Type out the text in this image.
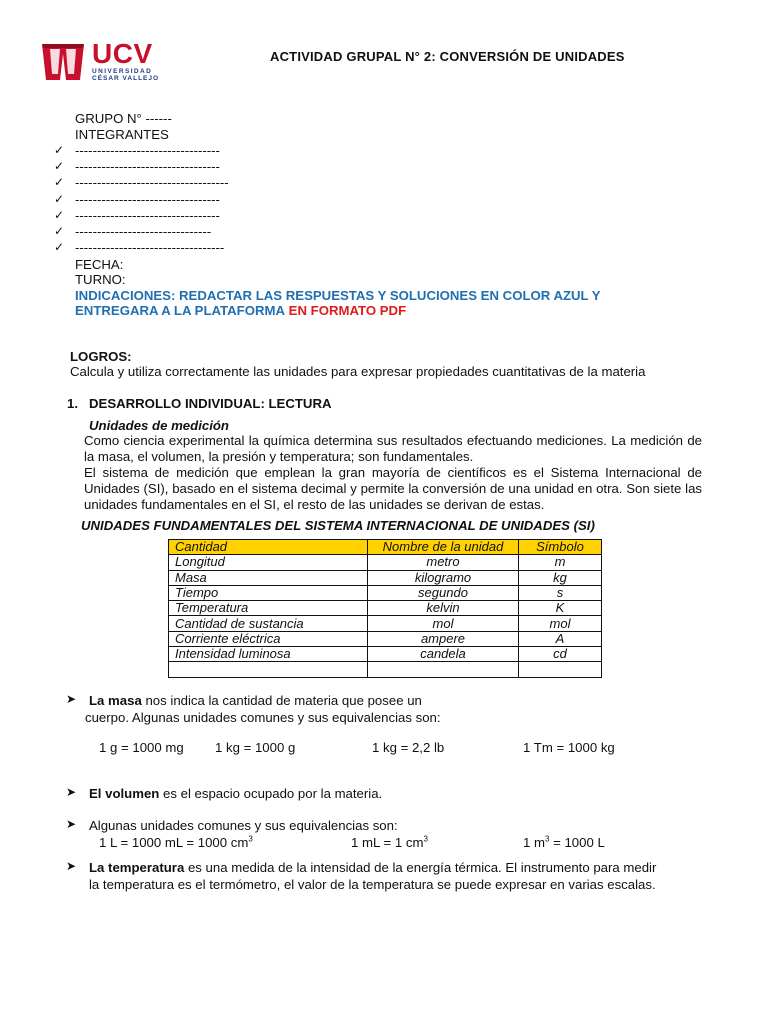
UCV
UNIVERSIDAD
CÉSAR VALLEJO
ACTIVIDAD GRUPAL N° 2: CONVERSIÓN DE UNIDADES
GRUPO N° ------
INTEGRANTES
✓ ---------------------------------
✓ ---------------------------------
✓ -----------------------------------
✓ ---------------------------------
✓ ---------------------------------
✓ -------------------------------
✓ ----------------------------------
FECHA:
TURNO:
INDICACIONES: REDACTAR LAS RESPUESTAS Y SOLUCIONES EN COLOR AZUL Y
ENTREGARA A LA PLATAFORMA EN FORMATO PDF
LOGROS:
Calcula y utiliza correctamente las unidades para expresar propiedades cuantitativas de la materia
1. DESARROLLO INDIVIDUAL: LECTURA
Unidades de medición

Como ciencia experimental la química determina sus resultados efectuando mediciones. La medición de la masa, el volumen, la presión y temperatura; son fundamentales.

El sistema de medición que emplean la gran mayoría de científicos es el Sistema Internacional de Unidades (SI), basado en el sistema decimal y permite la conversión de una unidad en otra. Son siete las unidades fundamentales en el SI, el resto de las unidades se derivan de estas.

UNIDADES FUNDAMENTALES DEL SISTEMA INTERNACIONAL DE UNIDADES (SI)
Cantidad	Nombre de la unidad	Símbolo
Longitud	metro	m
Masa	kilogramo	kg
Tiempo	segundo	s
Temperatura	kelvin	K
Cantidad de sustancia	mol	mol
Corriente eléctrica	ampere	A
Intensidad luminosa	candela	cd

➤ La masa nos indica la cantidad de materia que posee un
cuerpo. Algunas unidades comunes y sus equivalencias son:
1 g = 1000 mg 1 kg = 1000 g	1 kg = 2,2 lb	1 Tm = 1000 kg
➤ El volumen es el espacio ocupado por la materia.
➤ Algunas unidades comunes y sus equivalencias son:
1 L = 1000 mL = 1000 $cm^3$	1 mL = 1 $cm^3$	1 $m^3 = 1000$ L
➤ La temperatura es una medida de la intensidad de la energía térmica. El instrumento para medir
la temperatura es el termómetro, el valor de la temperatura se puede expresar en varias escalas.
